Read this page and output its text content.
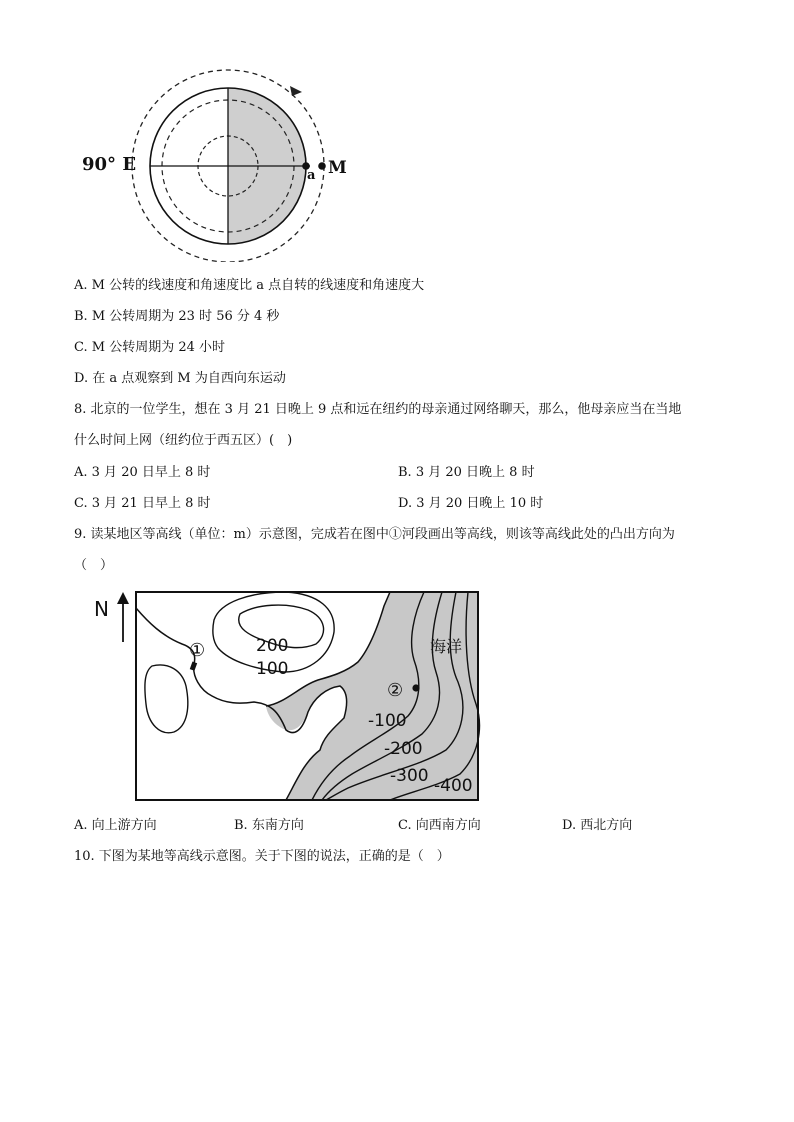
90° E
a M
A. M 公转的线速度和角速度比 a 点自转的线速度和角速度大
B. M 公转周期为 23 时 56 分 4 秒
C. M 公转周期为 24 小时
D. 在 a 点观察到 M 为自西向东运动
8. 北京的一位学生，想在 3 月 21 日晚上 9 点和远在纽约的母亲通过网络聊天，那么，他母亲应当在当地
什么时间上网（纽约位于西五区）(　)
A. 3 月 20 日早上 8 时	B. 3 月 20 日晚上 8 时
C. 3 月 21 日早上 8 时	D. 3 月 20 日晚上 10 时
9. 读某地区等高线（单位：m）示意图，完成若在图中①河段画出等高线，则该等高线此处的凸出方向为
（　）
N
海洋
①
②
200
100
-100
-200
-300 -400
A. 向上游方向	B. 东南方向	C. 向西南方向	D. 西北方向
10. 下图为某地等高线示意图。关于下图的说法，正确的是（　）
